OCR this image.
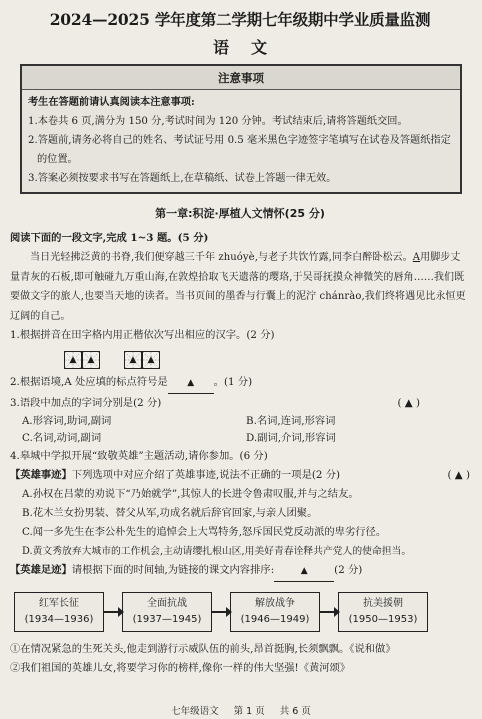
2024—2025 学年度第二学期七年级期中学业质量监测
语文
注意事项
考生在答题前请认真阅读本注意事项:
1.本卷共 6 页,满分为 150 分,考试时间为 120 分钟。考试结束后,请将答题纸交回。
2.答题前,请务必将自己的姓名、考试证号用 0.5 毫米黑色字迹签字笔填写在试卷及答题纸指定的位置。
3.答案必须按要求书写在答题纸上,在草稿纸、试卷上答题一律无效。
第一章:积淀·厚植人文情怀(25 分)
阅读下面的一段文字,完成 1~3 题。(5 分)
当日光轻拂泛黄的书脊,我们便穿越三千年 zhuóyè,与老子共饮竹露,同李白醉卧松云。A用脚步丈量青灰的石板,即可触碰九万重山海,在敦煌拾取飞天遗落的璎珞,于吴哥抚摸众神微笑的唇角……我们既要做文字的旅人,也要当天地的读者。当书页间的墨香与行囊上的泥泞 chánrào,我们终将遇见比永恒更辽阔的自己。
1.根据拼音在田字格内用正楷依次写出相应的汉字。(2 分)
▲ ▲	▲ ▲
2.根据语境,A 处应填的标点符号是 ▲ 。(1 分)
3.语段中加点的字词分别是(2 分)	( ▲ )
A.形容词,助词,副词	B.名词,连词,形容词
C.名词,动词,副词	D.副词,介词,形容词
4.皋城中学拟开展“致敬英雄”主题活动,请你参加。(6 分)
【英雄事迹】下列选项中对应介绍了英雄事迹,说法不正确的一项是(2 分)	( ▲ )
A.孙权在吕蒙的劝说下“乃始就学”,其惊人的长进令鲁肃叹服,并与之结友。
B.花木兰女扮男装、替父从军,功成名就后辞官回家,与亲人团聚。
C.闻一多先生在李公朴先生的追悼会上大骂特务,怒斥国民党反动派的卑劣行径。
D.黄文秀放弃大城市的工作机会,主动请缨扎根山区,用美好青春诠释共产党人的使命担当。
【英雄足迹】请根据下面的时间轴,为链接的课文内容排序:	▲	(2 分)
红军长征
(1934—1936)
全面抗战
(1937—1945)
解放战争
(1946—1949)
抗美援朝
(1950—1953)
①在情况紧急的生死关头,他走到游行示威队伍的前头,昂首挺胸,长须飘飘。《说和做》
②我们祖国的英雄儿女,将要学习你的榜样,像你一样的伟大坚强!《黄河颂》
七年级语文 第 1 页 共 6 页
